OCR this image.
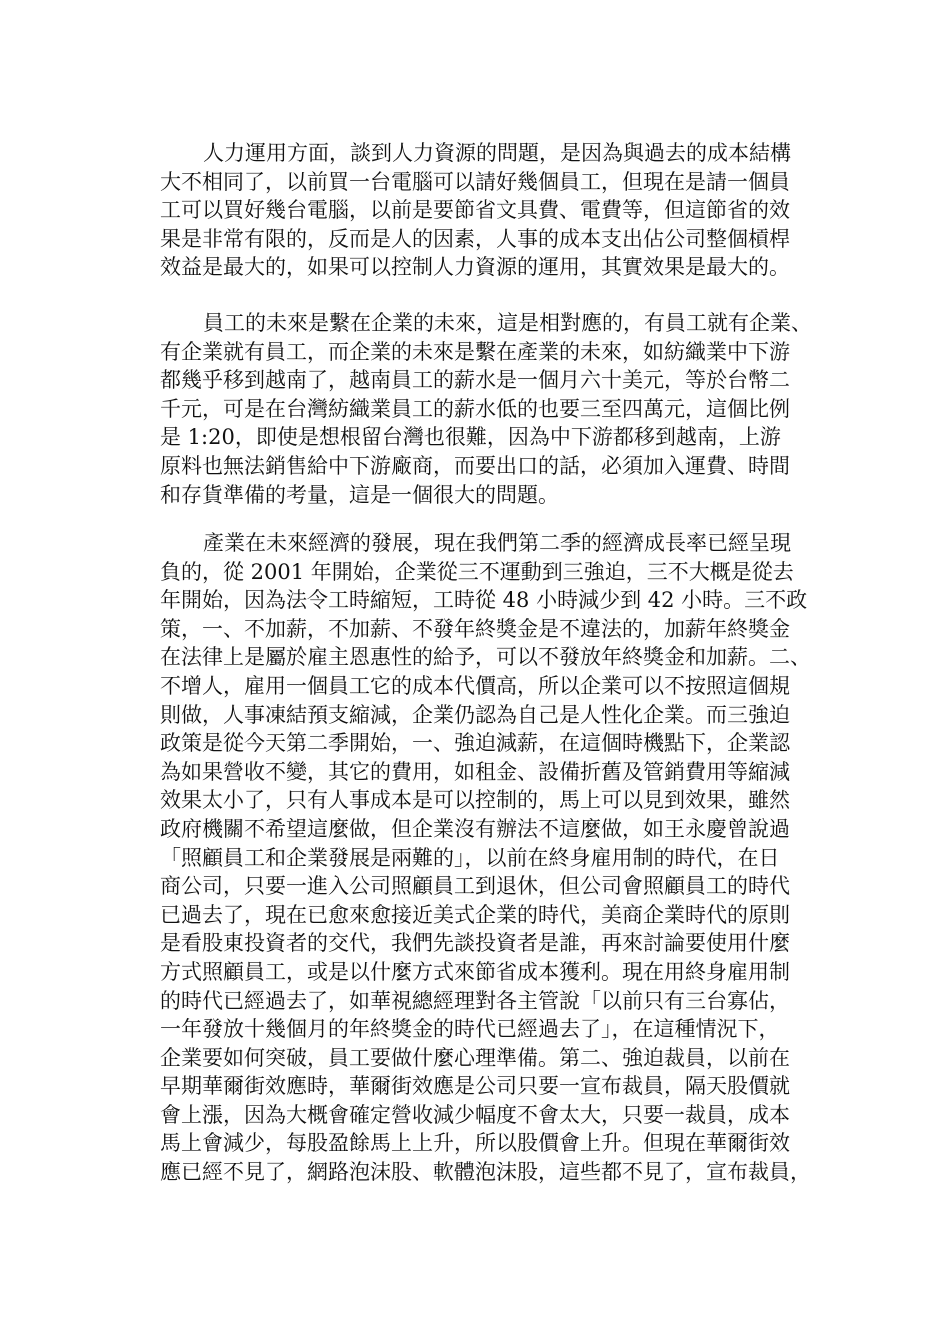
人力運用方面，談到人力資源的問題，是因為與過去的成本結構
大不相同了，以前買一台電腦可以請好幾個員工，但現在是請一個員
工可以買好幾台電腦，以前是要節省文具費、電費等，但這節省的效
果是非常有限的，反而是人的因素，人事的成本支出佔公司整個槓桿
效益是最大的，如果可以控制人力資源的運用，其實效果是最大的。
員工的未來是繫在企業的未來，這是相對應的，有員工就有企業、
有企業就有員工，而企業的未來是繫在產業的未來，如紡織業中下游
都幾乎移到越南了，越南員工的薪水是一個月六十美元，等於台幣二
千元，可是在台灣紡織業員工的薪水低的也要三至四萬元，這個比例
是 1:20，即使是想根留台灣也很難，因為中下游都移到越南，上游
原料也無法銷售給中下游廠商，而要出口的話，必須加入運費、時間
和存貨準備的考量，這是一個很大的問題。
產業在未來經濟的發展，現在我們第二季的經濟成長率已經呈現
負的，從 2001 年開始，企業從三不運動到三強迫，三不大概是從去
年開始，因為法令工時縮短，工時從 48 小時減少到 42 小時。三不政
策，一、不加薪，不加薪、不發年終獎金是不違法的，加薪年終獎金
在法律上是屬於雇主恩惠性的給予，可以不發放年終獎金和加薪。二、
不增人，雇用一個員工它的成本代價高，所以企業可以不按照這個規
則做，人事凍結預支縮減，企業仍認為自己是人性化企業。而三強迫
政策是從今天第二季開始，一、強迫減薪，在這個時機點下，企業認
為如果營收不變，其它的費用，如租金、設備折舊及管銷費用等縮減
效果太小了，只有人事成本是可以控制的，馬上可以見到效果，雖然
政府機關不希望這麼做，但企業沒有辦法不這麼做，如王永慶曾說過
「照顧員工和企業發展是兩難的」，以前在終身雇用制的時代，在日
商公司，只要一進入公司照顧員工到退休，但公司會照顧員工的時代
已過去了，現在已愈來愈接近美式企業的時代，美商企業時代的原則
是看股東投資者的交代，我們先談投資者是誰，再來討論要使用什麼
方式照顧員工，或是以什麼方式來節省成本獲利。現在用終身雇用制
的時代已經過去了，如華視總經理對各主管說「以前只有三台寡佔，
一年發放十幾個月的年終獎金的時代已經過去了」，在這種情況下，
企業要如何突破，員工要做什麼心理準備。第二、強迫裁員，以前在
早期華爾街效應時，華爾街效應是公司只要一宣布裁員，隔天股價就
會上漲，因為大概會確定營收減少幅度不會太大，只要一裁員，成本
馬上會減少，每股盈餘馬上上升，所以股價會上升。但現在華爾街效
應已經不見了，網路泡沫股、軟體泡沫股，這些都不見了，宣布裁員，
